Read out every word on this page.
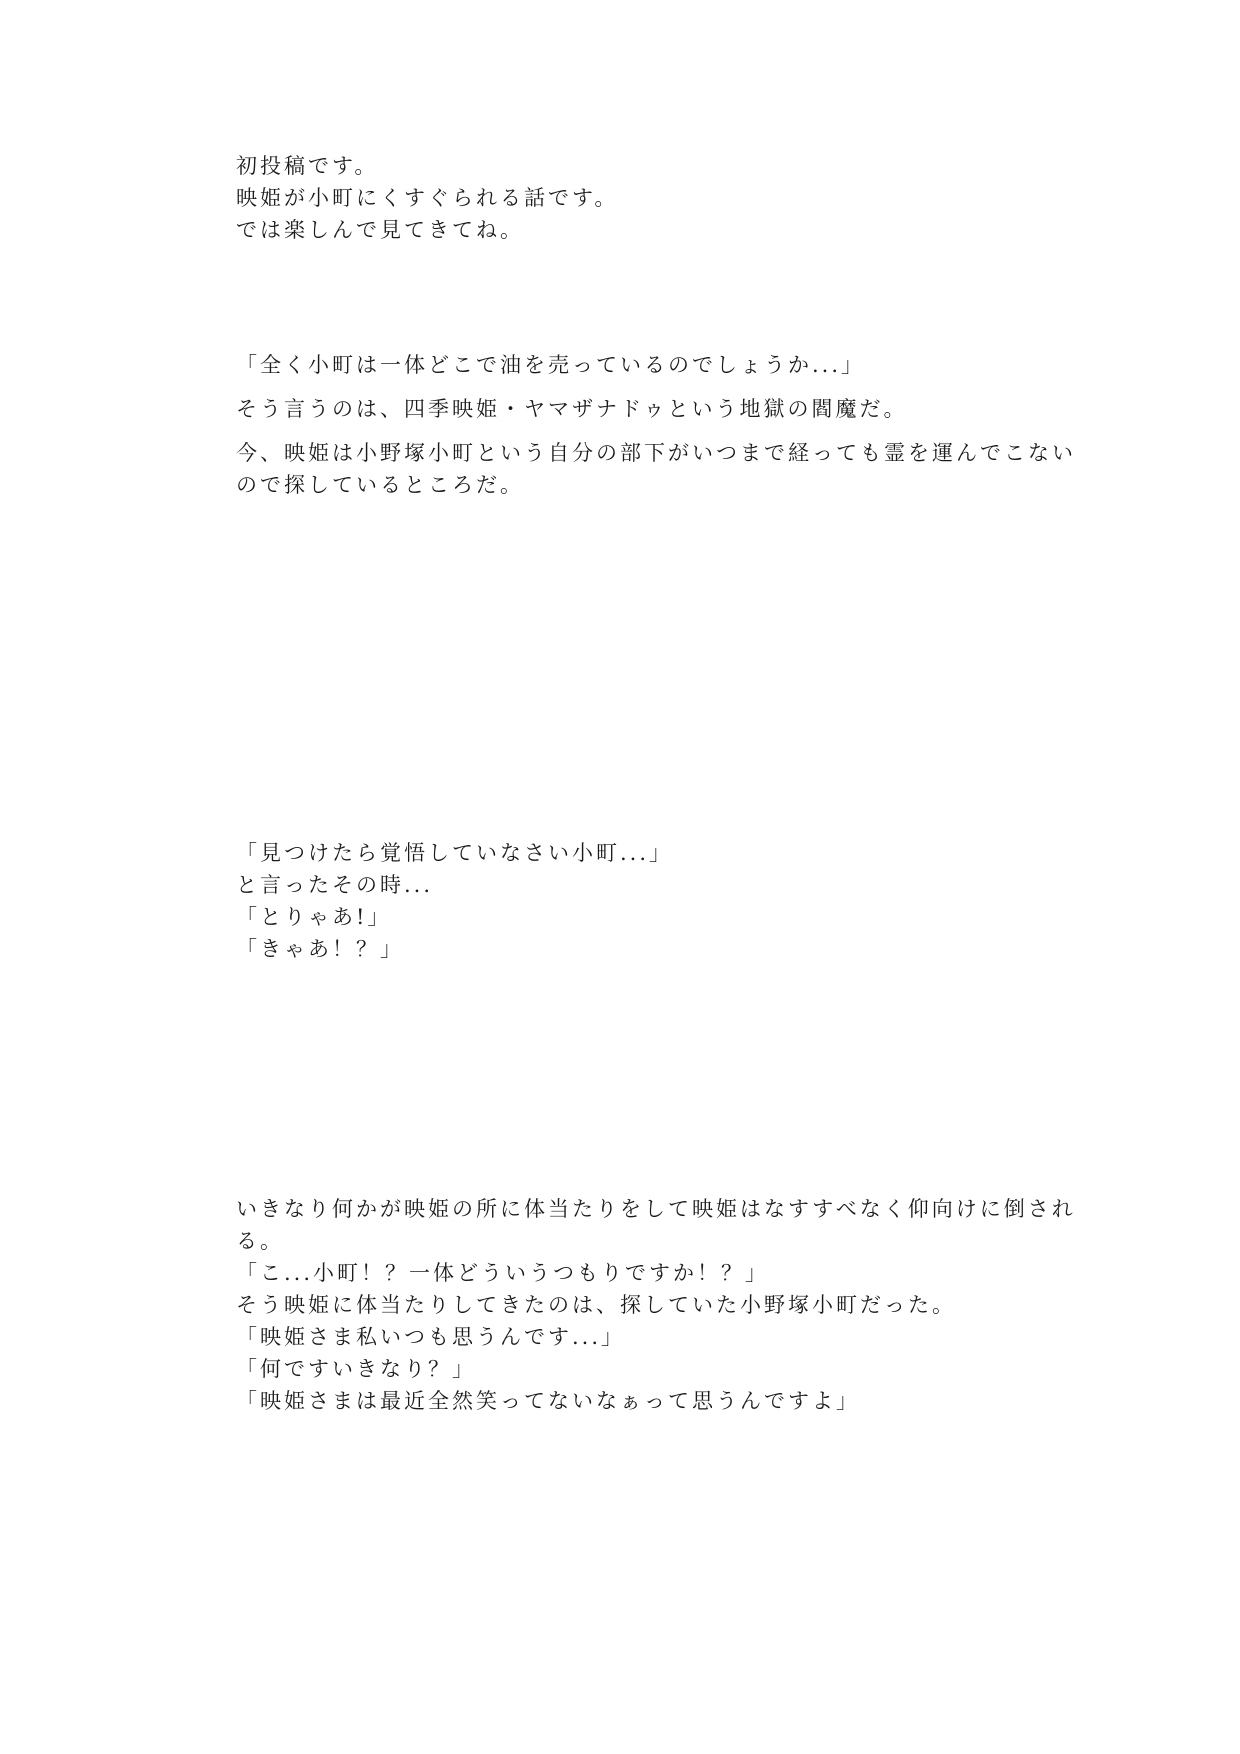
初投稿です。

映姫が小町にくすぐられる話です。

では楽しんで見てきてね。

「全く小町は一体どこで油を売っているのでしょうか...」

そう言うのは、四季映姫・ヤマザナドゥという地獄の閻魔だ。

今、映姫は小野塚小町という自分の部下がいつまで経っても霊を運んでこない

ので探しているところだ。

「見つけたら覚悟していなさい小町...」

と言ったその時...

「とりゃあ!」

「きゃあ！？」

いきなり何かが映姫の所に体当たりをして映姫はなすすべなく仰向けに倒され

る。

「こ...小町！？一体どういうつもりですか！？」

そう映姫に体当たりしてきたのは、探していた小野塚小町だった。

「映姫さま私いつも思うんです...」

「何ですいきなり？」

「映姫さまは最近全然笑ってないなぁって思うんですよ」
